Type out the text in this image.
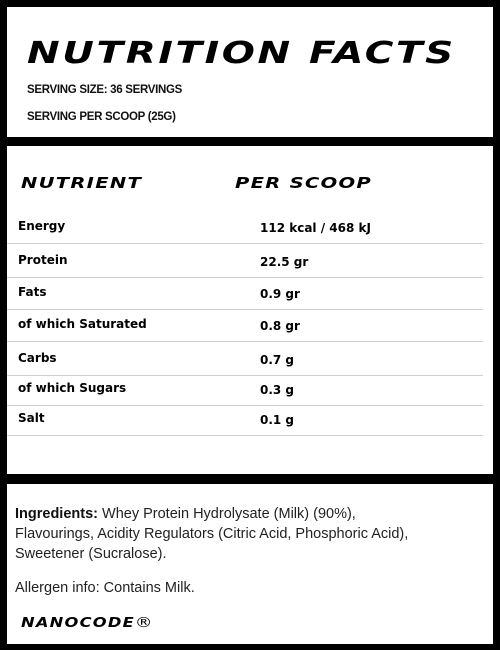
NUTRITION FACTS
SERVING SIZE: 36 SERVINGS
SERVING PER SCOOP (25G)
NUTRIENT	PER SCOOP
Energy	112 kcal / 468 kJ
Protein	22.5 gr
Fats	0.9 gr
of which Saturated	0.8 gr
Carbs	0.7 g
of which Sugars	0.3 g
Salt	0.1 g
Ingredients: Whey Protein Hydrolysate (Milk) (90%), Flavourings, Acidity Regulators (Citric Acid, Phosphoric Acid), Sweetener (Sucralose).
Allergen info: Contains Milk.
NANOCODE®
